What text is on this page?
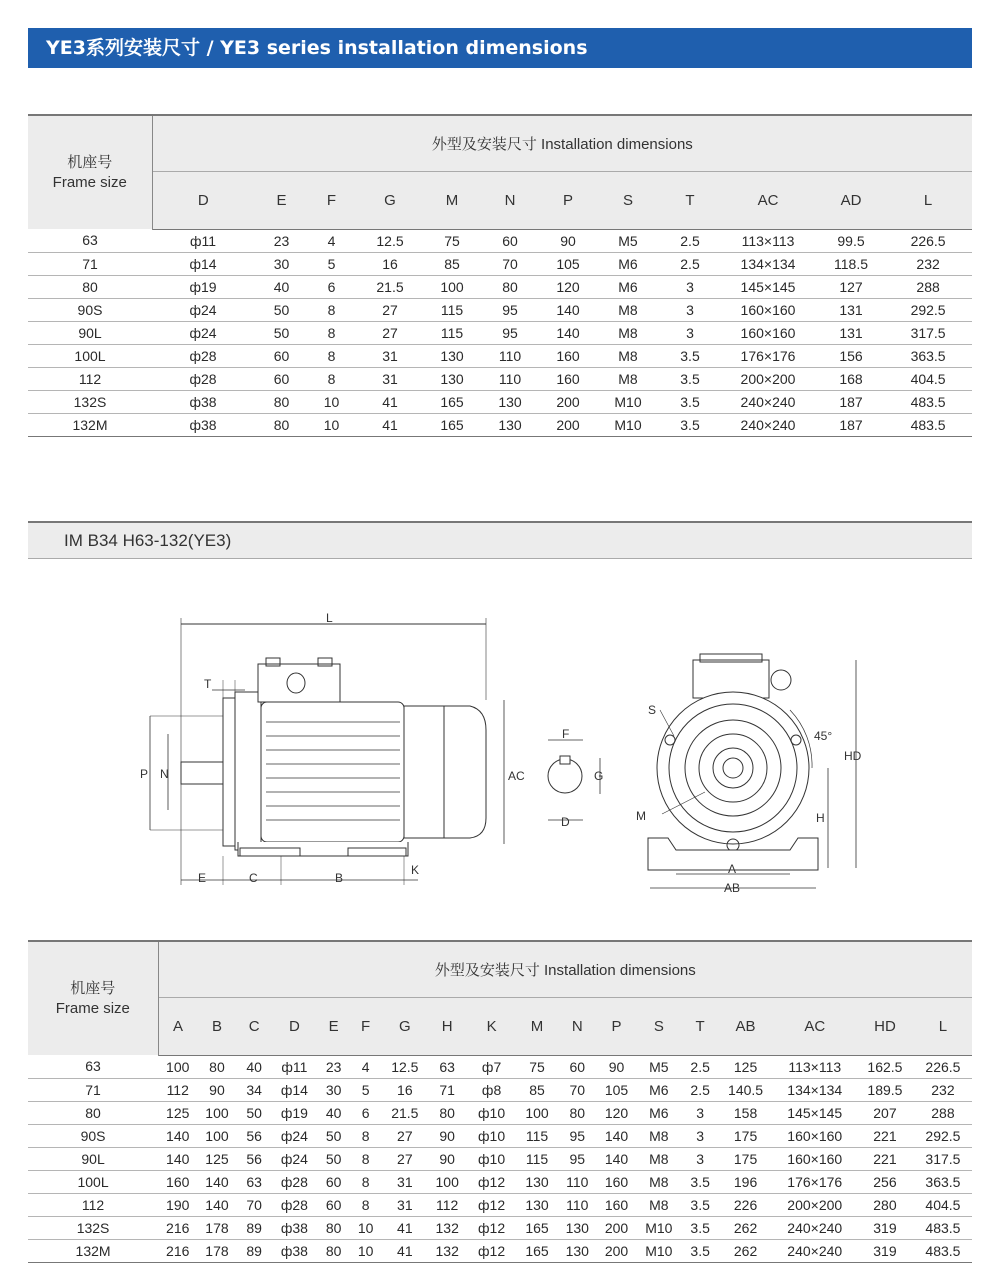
YE3系列安装尺寸 / YE3 series installation dimensions
机座号
Frame size	外型及安装尺寸 Installation dimensions											
	D	E	F	G	M	N	P	S	T	AC	AD	L
63	ф11	23	4	12.5	75	60	90	M5	2.5	113×113	99.5	226.5
71	ф14	30	5	16	85	70	105	M6	2.5	134×134	118.5	232
80	ф19	40	6	21.5	100	80	120	M6	3	145×145	127	288
90S	ф24	50	8	27	115	95	140	M8	3	160×160	131	292.5
90L	ф24	50	8	27	115	95	140	M8	3	160×160	131	317.5
100L	ф28	60	8	31	130	110	160	M8	3.5	176×176	156	363.5
112	ф28	60	8	31	130	110	160	M8	3.5	200×200	168	404.5
132S	ф38	80	10	41	165	130	200	M10	3.5	240×240	187	483.5
132M	ф38	80	10	41	165	130	200	M10	3.5	240×240	187	483.5
IM B34 H63-132(YE3)
L
T
P N	AC
E	C	B
K
F
G
D
S
M
45°
HD
H
A
AB
机座号
Frame size	外型及安装尺寸 Installation dimensions																	
	A	B	C	D	E	F	G	H	K	M	N	P	S	T	AB	AC	HD	L
63	100	80	40	ф11	23	4	12.5	63	ф7	75	60	90	M5	2.5	125	113×113	162.5	226.5
71	112	90	34	ф14	30	5	16	71	ф8	85	70	105	M6	2.5	140.5	134×134	189.5	232
80	125	100	50	ф19	40	6	21.5	80	ф10	100	80	120	M6	3	158	145×145	207	288
90S	140	100	56	ф24	50	8	27	90	ф10	115	95	140	M8	3	175	160×160	221	292.5
90L	140	125	56	ф24	50	8	27	90	ф10	115	95	140	M8	3	175	160×160	221	317.5
100L	160	140	63	ф28	60	8	31	100	ф12	130	110	160	M8	3.5	196	176×176	256	363.5
112	190	140	70	ф28	60	8	31	112	ф12	130	110	160	M8	3.5	226	200×200	280	404.5
132S	216	178	89	ф38	80	10	41	132	ф12	165	130	200	M10	3.5	262	240×240	319	483.5
132M	216	178	89	ф38	80	10	41	132	ф12	165	130	200	M10	3.5	262	240×240	319	483.5
